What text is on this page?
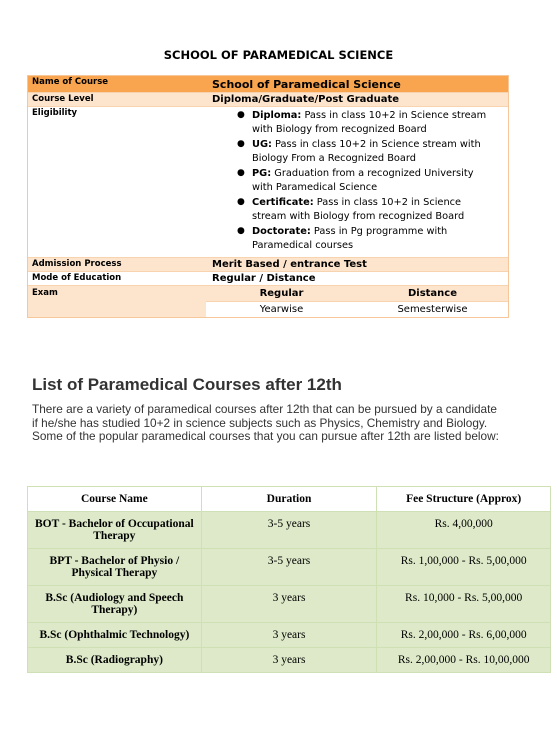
SCHOOL OF PARAMEDICAL SCIENCE
Name of Course	School of Paramedical Science
Course Level	Diploma/Graduate/Post Graduate
Eligibility	● Diploma: Pass in class 10+2 in Science stream with Biology from recognized Board
● UG: Pass in class 10+2 in Science stream with Biology From a Recognized Board
● PG: Graduation from a recognized University with Paramedical Science
● Certificate: Pass in class 10+2 in Science stream with Biology from recognized Board
● Doctorate: Pass in Pg programme with Paramedical courses
Admission Process	Merit Based / entrance Test
Mode of Education	Regular / Distance
Exam	Regular	Distance
Yearwise	Semesterwise
List of Paramedical Courses after 12th

There are a variety of paramedical courses after 12th that can be pursued by a candidate if he/she has studied 10+2 in science subjects such as Physics, Chemistry and Biology. Some of the popular paramedical courses that you can pursue after 12th are listed below:

Course Name	Duration	Fee Structure (Approx)
BOT - Bachelor of Occupational Therapy	3-5 years	Rs. 4,00,000
BPT - Bachelor of Physio / Physical Therapy	3-5 years	Rs. 1,00,000 - Rs. 5,00,000
B.Sc (Audiology and Speech Therapy)	3 years	Rs. 10,000 - Rs. 5,00,000
B.Sc (Ophthalmic Technology)	3 years	Rs. 2,00,000 - Rs. 6,00,000
B.Sc (Radiography)	3 years	Rs. 2,00,000 - Rs. 10,00,000
